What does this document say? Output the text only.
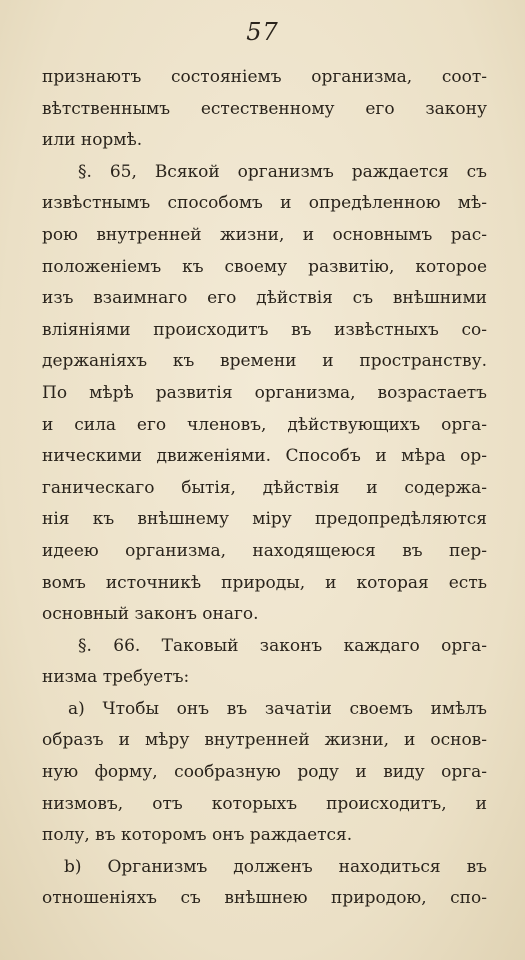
57
признаютъ состояніемъ организма, соот-
вѣтственнымъ естественному его закону
или нормѣ.
§. 65, Всякой организмъ раждается съ
извѣстнымъ способомъ и опредѣленною мѣ-
рою внутренней жизни, и основнымъ рас-
положеніемъ къ своему развитію, которое
изъ взаимнаго его дѣйствія съ внѣшними
вліяніями происходитъ въ извѣстныхъ со-
держаніяхъ къ времени и пространству.
По мѣрѣ развитія организма, возрастаетъ
и сила его членовъ, дѣйствующихъ орга-
ническими движеніями. Способъ и мѣра ор-
ганическаго бытія, дѣйствія и содержа-
нія къ внѣшнему міру предопредѣляются
идеею организма, находящеюся въ пер-
вомъ источникѣ природы, и которая есть
основный законъ онаго.
§. 66. Таковый законъ каждаго орга-
низма требуетъ:
а) Чтобы онъ въ зачатіи своемъ имѣлъ
образъ и мѣру внутренней жизни, и основ-
ную форму, сообразную роду и виду орга-
низмовъ, отъ которыхъ происходитъ, и
полу, въ которомъ онъ раждается.
b) Организмъ долженъ находиться въ
отношеніяхъ съ внѣшнею природою, спо-
